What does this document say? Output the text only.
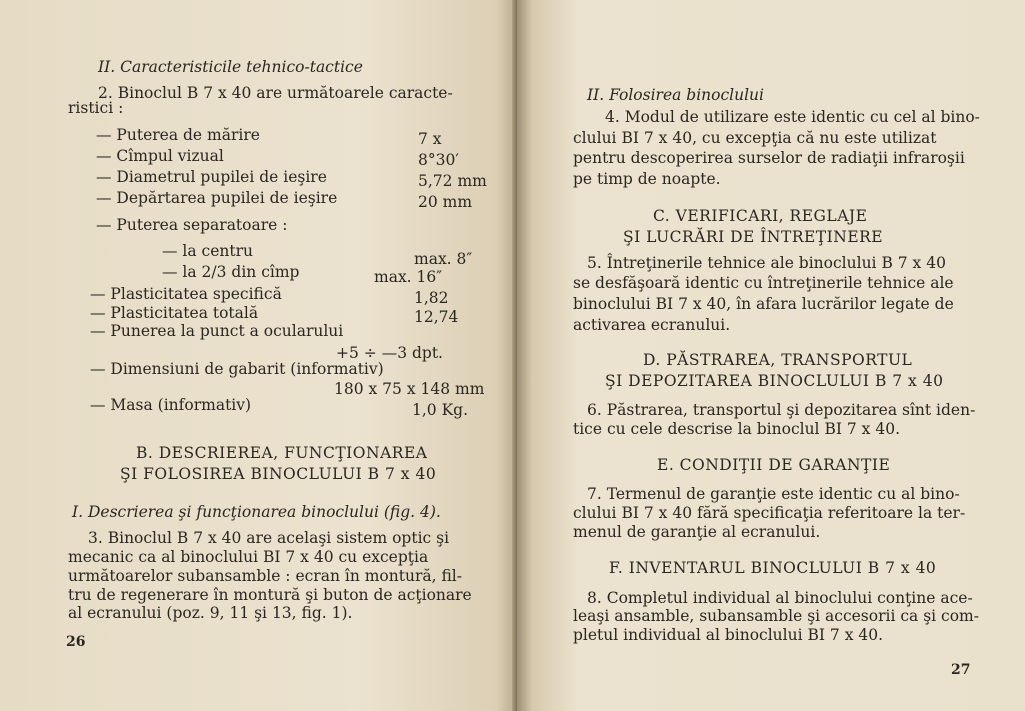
II. Caracteristicile tehnico-tactice
2. Binoclul B 7 x 40 are următoarele caracte-
ristici :
— Puterea de mărire	7 x
— Cîmpul vizual	8°30′
— Diametrul pupilei de ieşire	5,72 mm
— Depărtarea pupilei de ieşire	20 mm
— Puterea separatoare :
— la centru	max. 8″
— la 2/3 din cîmp	max. 16″
— Plasticitatea specifică	1,82
— Plasticitatea totală	12,74
— Punerea la punct a ocularului
+5 ÷ —3 dpt.
— Dimensiuni de gabarit (informativ)
180 x 75 x 148 mm
— Masa (informativ)	1,0 Kg.
B. DESCRIEREA, FUNCŢIONAREA
ŞI FOLOSIREA BINOCLULUI B 7 x 40
I. Descrierea şi funcţionarea binoclului (fig. 4).
3. Binoclul B 7 x 40 are acelaşi sistem optic şi
mecanic ca al binoclului BI 7 x 40 cu excepţia
următoarelor subansamble : ecran în montură, fil-
tru de regenerare în montură şi buton de acţionare
al ecranului (poz. 9, 11 şi 13, fig. 1).
26
II. Folosirea binoclului
4. Modul de utilizare este identic cu cel al bino-
clului BI 7 x 40, cu excepţia că nu este utilizat
pentru descoperirea surselor de radiaţii infraroşii
pe timp de noapte.
C. VERIFICARI, REGLAJE
ŞI LUCRĂRI DE ÎNTREŢINERE
5. Întreţinerile tehnice ale binoclului B 7 x 40
se desfăşoară identic cu întreţinerile tehnice ale
binoclului BI 7 x 40, în afara lucrărilor legate de
activarea ecranului.
D. PĂSTRAREA, TRANSPORTUL
ŞI DEPOZITAREA BINOCLULUI B 7 x 40
6. Păstrarea, transportul şi depozitarea sînt iden-
tice cu cele descrise la binoclul BI 7 x 40.
E. CONDIŢII DE GARANŢIE
7. Termenul de garanţie este identic cu al bino-
clului BI 7 x 40 fără specificaţia referitoare la ter-
menul de garanţie al ecranului.
F. INVENTARUL BINOCLULUI B 7 x 40
8. Completul individual al binoclului conţine ace-
leaşi ansamble, subansamble şi accesorii ca şi com-
pletul individual al binoclului BI 7 x 40.
27
